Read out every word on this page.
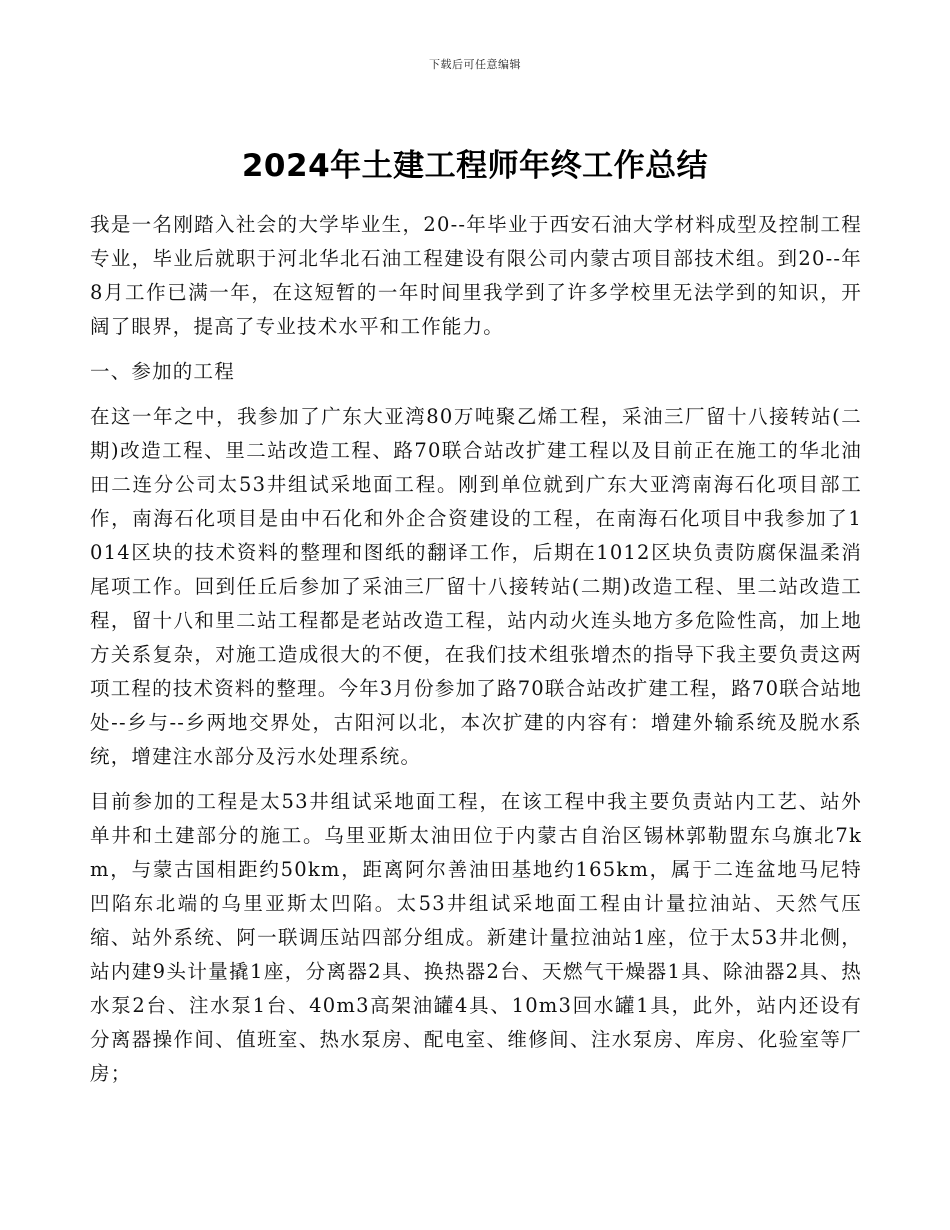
下载后可任意编辑
2024年土建工程师年终工作总结

我是一名刚踏入社会的大学毕业生，20--年毕业于西安石油大学材料成型及控制工程专业，毕业后就职于河北华北石油工程建设有限公司内蒙古项目部技术组。到20--年8月工作已满一年，在这短暂的一年时间里我学到了许多学校里无法学到的知识，开阔了眼界，提高了专业技术水平和工作能力。

一、参加的工程

在这一年之中，我参加了广东大亚湾80万吨聚乙烯工程，采油三厂留十八接转站(二期)改造工程、里二站改造工程、路70联合站改扩建工程以及目前正在施工的华北油田二连分公司太53井组试采地面工程。刚到单位就到广东大亚湾南海石化项目部工作，南海石化项目是由中石化和外企合资建设的工程，在南海石化项目中我参加了1014区块的技术资料的整理和图纸的翻译工作，后期在1012区块负责防腐保温柔消尾项工作。回到任丘后参加了采油三厂留十八接转站(二期)改造工程、里二站改造工程，留十八和里二站工程都是老站改造工程，站内动火连头地方多危险性高，加上地方关系复杂，对施工造成很大的不便，在我们技术组张增杰的指导下我主要负责这两项工程的技术资料的整理。今年3月份参加了路70联合站改扩建工程，路70联合站地处--乡与--乡两地交界处，古阳河以北，本次扩建的内容有：增建外输系统及脱水系统，增建注水部分及污水处理系统。

目前参加的工程是太53井组试采地面工程，在该工程中我主要负责站内工艺、站外单井和土建部分的施工。乌里亚斯太油田位于内蒙古自治区锡林郭勒盟东乌旗北7km，与蒙古国相距约50km，距离阿尔善油田基地约165km，属于二连盆地马尼特凹陷东北端的乌里亚斯太凹陷。太53井组试采地面工程由计量拉油站、天然气压缩、站外系统、阿一联调压站四部分组成。新建计量拉油站1座，位于太53井北侧，站内建9头计量撬1座，分离器2具、换热器2台、天燃气干燥器1具、除油器2具、热水泵2台、注水泵1台、40m3高架油罐4具、10m3回水罐1具，此外，站内还设有分离器操作间、值班室、热水泵房、配电室、维修间、注水泵房、库房、化验室等厂房；
